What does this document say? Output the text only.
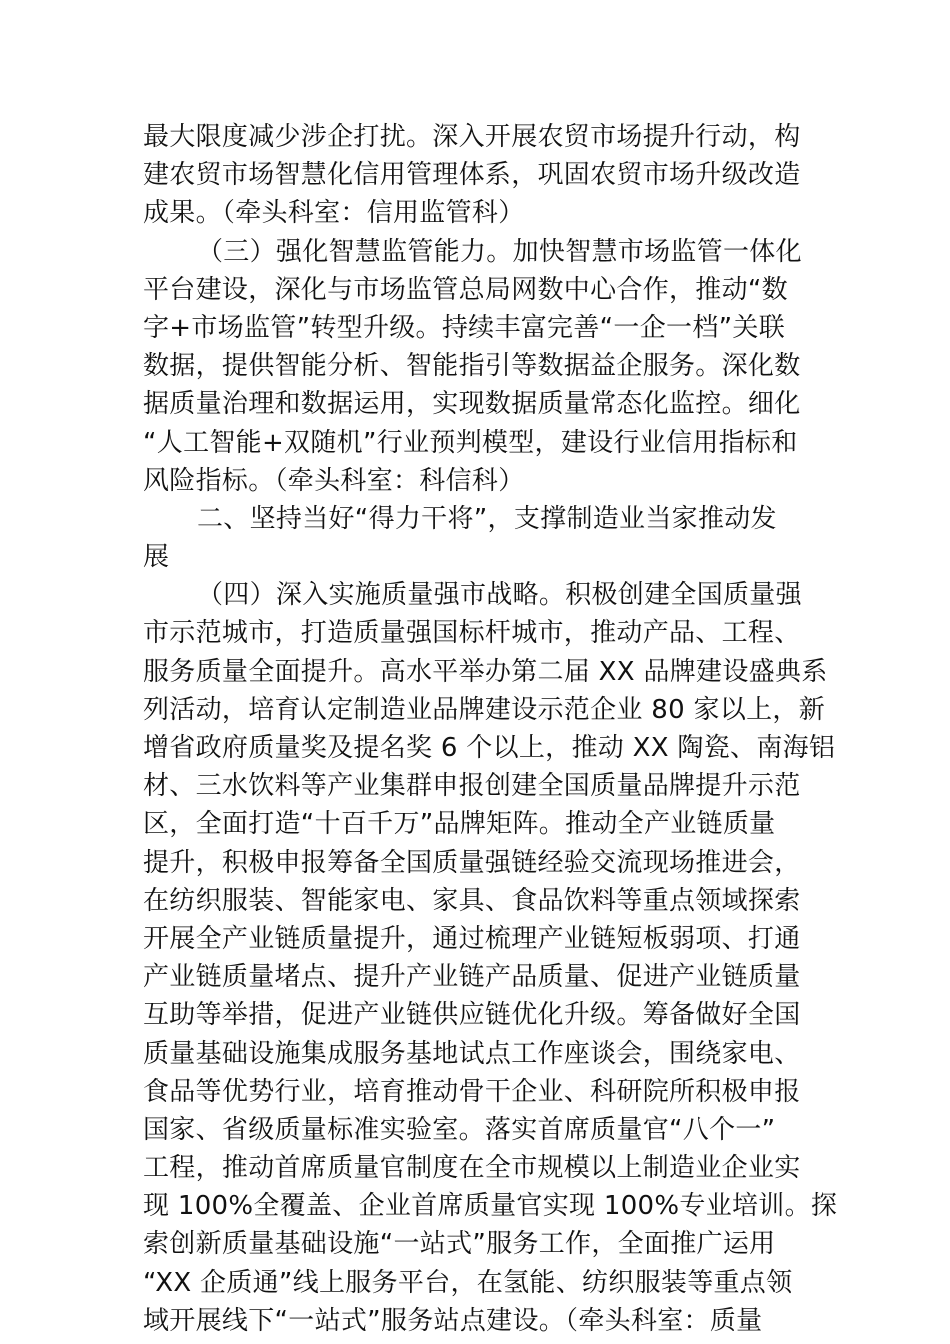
最大限度减少涉企打扰。深入开展农贸市场提升行动，构
建农贸市场智慧化信用管理体系，巩固农贸市场升级改造
成果。（牵头科室：信用监管科）
（三）强化智慧监管能力。加快智慧市场监管一体化
平台建设，深化与市场监管总局网数中心合作，推动“数
字+市场监管”转型升级。持续丰富完善“一企一档”关联
数据，提供智能分析、智能指引等数据益企服务。深化数
据质量治理和数据运用，实现数据质量常态化监控。细化
“人工智能+双随机”行业预判模型，建设行业信用指标和
风险指标。（牵头科室：科信科）
二、坚持当好“得力干将”，支撑制造业当家推动发
展
（四）深入实施质量强市战略。积极创建全国质量强
市示范城市，打造质量强国标杆城市，推动产品、工程、
服务质量全面提升。高水平举办第二届 XX 品牌建设盛典系
列活动，培育认定制造业品牌建设示范企业 80 家以上，新
增省政府质量奖及提名奖 6 个以上，推动 XX 陶瓷、南海铝
材、三水饮料等产业集群申报创建全国质量品牌提升示范
区，全面打造“十百千万”品牌矩阵。推动全产业链质量
提升，积极申报筹备全国质量强链经验交流现场推进会，
在纺织服装、智能家电、家具、食品饮料等重点领域探索
开展全产业链质量提升，通过梳理产业链短板弱项、打通
产业链质量堵点、提升产业链产品质量、促进产业链质量
互助等举措，促进产业链供应链优化升级。筹备做好全国
质量基础设施集成服务基地试点工作座谈会，围绕家电、
食品等优势行业，培育推动骨干企业、科研院所积极申报
国家、省级质量标准实验室。落实首席质量官“八个一”
工程，推动首席质量官制度在全市规模以上制造业企业实
现 100%全覆盖、企业首席质量官实现 100%专业培训。探
索创新质量基础设施“一站式”服务工作，全面推广运用
“XX 企质通”线上服务平台，在氢能、纺织服装等重点领
域开展线下“一站式”服务站点建设。（牵头科室：质量
